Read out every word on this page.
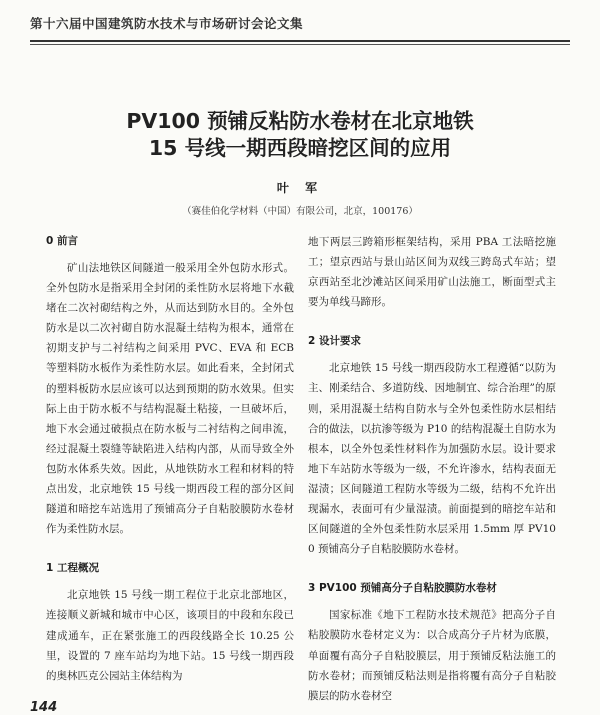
第十六届中国建筑防水技术与市场研讨会论文集
PV100 预铺反粘防水卷材在北京地铁
15 号线一期西段暗挖区间的应用
叶 军
（赛佳伯化学材料（中国）有限公司，北京，100176）
0 前言

矿山法地铁区间隧道一般采用全外包防水形式。全外包防水是指采用全封闭的柔性防水层将地下水截堵在二次衬砌结构之外，从而达到防水目的。全外包防水是以二次衬砌自防水混凝土结构为根本，通常在初期支护与二衬结构之间采用 PVC、EVA 和 ECB 等塑料防水板作为柔性防水层。如此看来，全封闭式的塑料板防水层应该可以达到预期的防水效果。但实际上由于防水板不与结构混凝土粘接，一旦破坏后，地下水会通过破损点在防水板与二衬结构之间串流，经过混凝土裂缝等缺陷进入结构内部，从而导致全外包防水体系失效。因此，从地铁防水工程和材料的特点出发，北京地铁 15 号线一期西段工程的部分区间隧道和暗挖车站选用了预铺高分子自粘胶膜防水卷材作为柔性防水层。

1 工程概况

北京地铁 15 号线一期工程位于北京北部地区，连接顺义新城和城市中心区，该项目的中段和东段已建成通车，正在紧张施工的西段线路全长 10.25 公里，设置的 7 座车站均为地下站。15 号线一期西段的奥林匹克公园站主体结构为

地下两层三跨箱形框架结构，采用 PBA 工法暗挖施工；望京西站与景山站区间为双线三跨岛式车站；望京西站至北沙滩站区间采用矿山法施工，断面型式主要为单线马蹄形。

2 设计要求

北京地铁 15 号线一期西段防水工程遵循“以防为主、刚柔结合、多道防线、因地制宜、综合治理”的原则，采用混凝土结构自防水与全外包柔性防水层相结合的做法，以抗渗等级为 P10 的结构混凝土自防水为根本，以全外包柔性材料作为加强防水层。设计要求地下车站防水等级为一级，不允许渗水，结构表面无湿渍；区间隧道工程防水等级为二级，结构不允许出现漏水，表面可有少量湿渍。前面提到的暗挖车站和区间隧道的全外包柔性防水层采用 1.5mm 厚 PV100 预铺高分子自粘胶膜防水卷材。

3 PV100 预铺高分子自粘胶膜防水卷材

国家标准《地下工程防水技术规范》把高分子自粘胶膜防水卷材定义为：以合成高分子片材为底膜，单面覆有高分子自粘胶膜层，用于预铺反粘法施工的防水卷材；而预铺反粘法则是指将覆有高分子自粘胶膜层的防水卷材空

144
